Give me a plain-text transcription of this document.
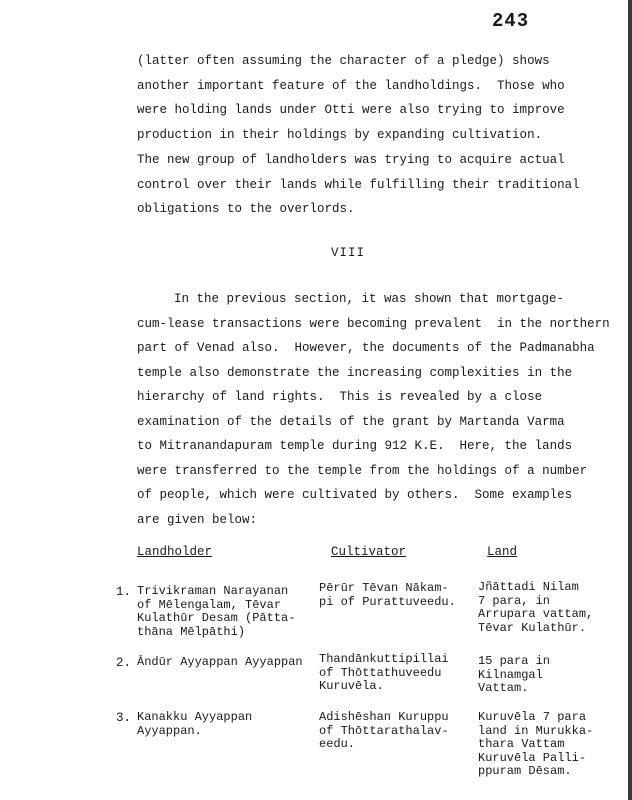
243
(latter often assuming the character of a pledge) shows
another important feature of the landholdings.  Those who
were holding lands under Otti were also trying to improve
production in their holdings by expanding cultivation.
The new group of landholders was trying to acquire actual
control over their lands while fulfilling their traditional
obligations to the overlords.
VIII
In the previous section, it was shown that mortgage-
cum-lease transactions were becoming prevalent  in the northern
part of Venad also.  However, the documents of the Padmanabha
temple also demonstrate the increasing complexities in the
hierarchy of land rights.  This is revealed by a close
examination of the details of the grant by Martanda Varma
to Mitranandapuram temple during 912 K.E.  Here, the lands
were transferred to the temple from the holdings of a number
of people, which were cultivated by others.  Some examples
are given below:
Landholder	Cultivator	Land
1. Trivikraman Narayanan
of Mēlengalam, Tēvar
Kulathūr Desam (Pātta-
thāna Mēlpāthi)
Pērūr Tēvan Nākam-
pi of Purattuveedu.
Jñāttadi Nilam
7 para, in
Arrupara vattam,
Tēvar Kulathūr.
2. Āndūr Ayyappan Ayyappan Thandānkuttipillai
of Thōttathuveedu
Kuruvēla.
15 para in
Kilnamgal
Vattam.
3. Kanakku Ayyappan
Ayyappan.
Adishēshan Kuruppu
of Thōttarathalav-
eedu.
Kuruvēla 7 para
land in Murukka-
thara Vattam
Kuruvēla Palli-
ppuram Dēsam.
